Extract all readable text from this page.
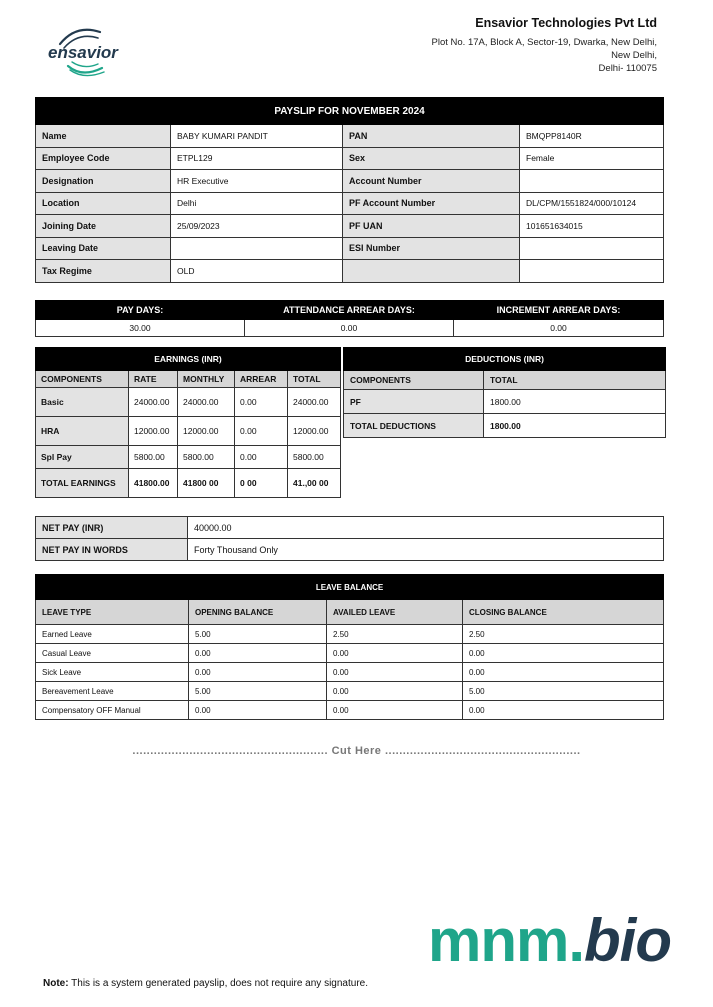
ensavior
Ensavior Technologies Pvt Ltd
Plot No. 17A, Block A, Sector-19, Dwarka, New Delhi,
New Delhi,
Delhi- 110075
PAYSLIP FOR NOVEMBER 2024			
Name	BABY KUMARI PANDIT	PAN	BMQPP8140R
Employee Code	ETPL129	Sex	Female
Designation	HR Executive	Account Number	
Location	Delhi	PF Account Number	DL/CPM/1551824/000/10124
Joining Date	25/09/2023	PF UAN	101651634015
Leaving Date		ESI Number	
Tax Regime	OLD		
PAY DAYS:	ATTENDANCE ARREAR DAYS:	INCREMENT ARREAR DAYS:
30.00	0.00	0.00
EARNINGS (INR)				
COMPONENTS	RATE	MONTHLY	ARREAR	TOTAL
Basic	24000.00	24000.00	0.00	24000.00
HRA	12000.00	12000.00	0.00	12000.00
Spl Pay	5800.00	5800.00	0.00	5800.00
TOTAL EARNINGS	41800.00	41800 00	0 00	41.,00 00
DEDUCTIONS (INR)	
COMPONENTS	TOTAL
PF	1800.00
TOTAL DEDUCTIONS	1800.00
NET PAY (INR)	40000.00
NET PAY IN WORDS	Forty Thousand Only
LEAVE BALANCE			
LEAVE TYPE	OPENING BALANCE	AVAILED LEAVE	CLOSING BALANCE
Earned Leave	5.00	2.50	2.50
Casual Leave	0.00	0.00	0.00
Sick Leave	0.00	0.00	0.00
Bereavement Leave	5.00	0.00	5.00
Compensatory OFF Manual	0.00	0.00	0.00
....................................................... Cut Here .......................................................
mnm.bio
Note: This is a system generated payslip, does not require any signature.
